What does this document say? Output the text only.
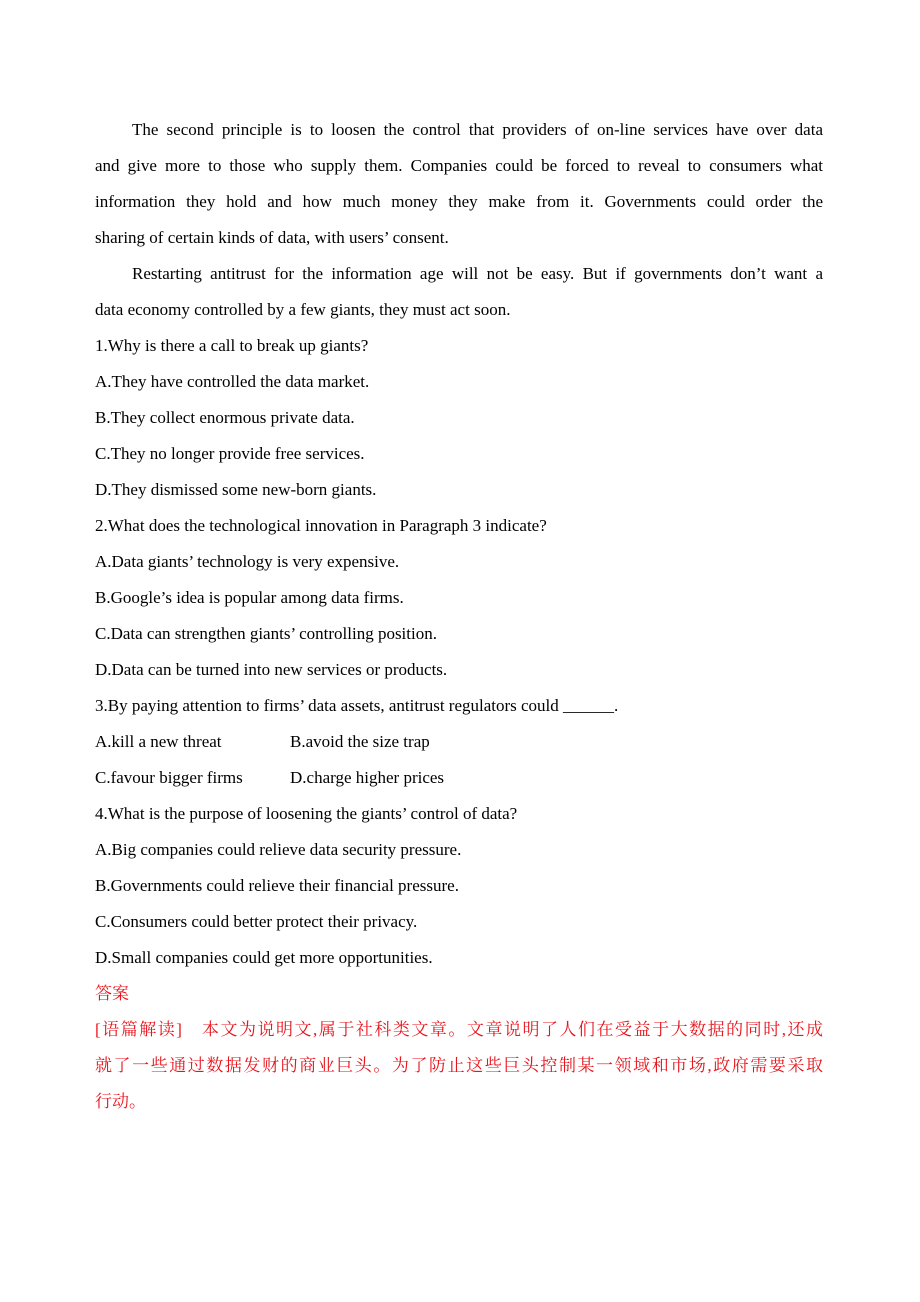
The second principle is to loosen the control that providers of on-line services have over data
and give more to those who supply them. Companies could be forced to reveal to consumers what
information they hold and how much money they make from it. Governments could order the
sharing of certain kinds of data, with users’ consent.
Restarting antitrust for the information age will not be easy. But if governments don’t want a
data economy controlled by a few giants, they must act soon.
1.Why is there a call to break up giants?
A.They have controlled the data market.
B.They collect enormous private data.
C.They no longer provide free services.
D.They dismissed some new-born giants.
2.What does the technological innovation in Paragraph 3 indicate?
A.Data giants’ technology is very expensive.
B.Google’s idea is popular among data firms.
C.Data can strengthen giants’ controlling position.
D.Data can be turned into new services or products.
3.By paying attention to firms’ data assets, antitrust regulators could ______.
A.kill a new threat	B.avoid the size trap
C.favour bigger firms	D.charge higher prices
4.What is the purpose of loosening the giants’ control of data?
A.Big companies could relieve data security pressure.
B.Governments could relieve their financial pressure.
C.Consumers could better protect their privacy.
D.Small companies could get more opportunities.
答案
[语篇解读]　本文为说明文,属于社科类文章。文章说明了人们在受益于大数据的同时,还成
就了一些通过数据发财的商业巨头。为了防止这些巨头控制某一领域和市场,政府需要采取
行动。
